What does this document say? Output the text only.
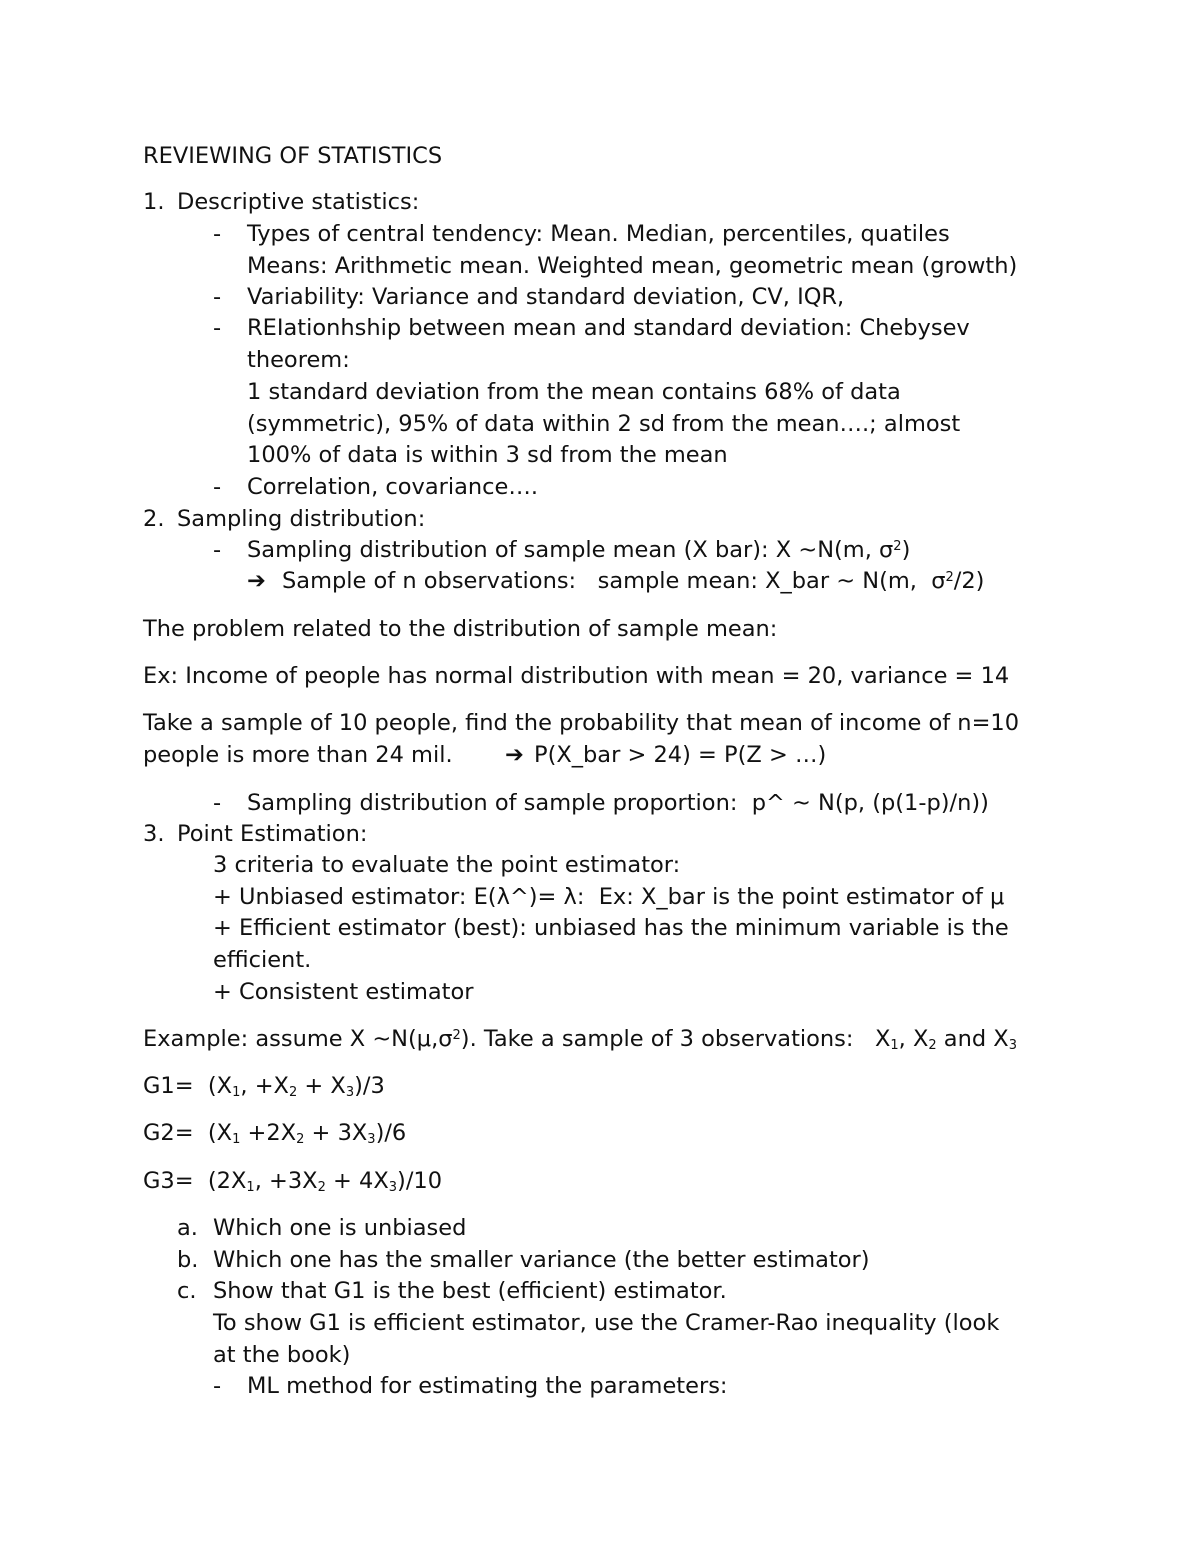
REVIEWING OF STATISTICS
1. Descriptive statistics:
- Types of central tendency: Mean. Median, percentiles, quatiles
Means: Arithmetic mean. Weighted mean, geometric mean (growth)
- Variability: Variance and standard deviation, CV, IQR,
- REIationhship between mean and standard deviation: Chebysev
theorem:
1 standard deviation from the mean contains 68% of data
(symmetric), 95% of data within 2 sd from the mean….; almost
100% of data is within 3 sd from the mean
- Correlation, covariance….
2. Sampling distribution:
- Sampling distribution of sample mean (X bar): X ~N(m, $\sigma^2$)
➔ Sample of n observations:   sample mean: X_bar ~ N(m,  $\sigma^2/2$)
The problem related to the distribution of sample mean:
Ex: Income of people has normal distribution with mean = 20, variance = 14
Take a sample of 10 people, find the probability that mean of income of n=10
people is more than 24 mil. ➔ P(X_bar > 24) = P(Z > …)
- Sampling distribution of sample proportion:  p^ ~ N(p, (p(1-p)/n))
3. Point Estimation:
3 criteria to evaluate the point estimator:
+ Unbiased estimator: E(λ^)= λ:  Ex: X_bar is the point estimator of μ
+ Efficient estimator (best): unbiased has the minimum variable is the
efficient.
+ Consistent estimator
Example: assume X $\sim N(\mu,\sigma^2)$. Take a sample of 3 observations:   $X_1$, $X_2$ and $X_3$
$G1= (X_1$, $+X_2 + X_3)/3$
$G2= (X_1 +2X_2 + 3X_3)/6$
$G3= (2X_1$, $+3X_2 + 4X_3)/10$
a. Which one is unbiased
b. Which one has the smaller variance (the better estimator)
c. Show that G1 is the best (efficient) estimator.
To show G1 is efficient estimator, use the Cramer-Rao inequality (look
at the book)
- ML method for estimating the parameters:
